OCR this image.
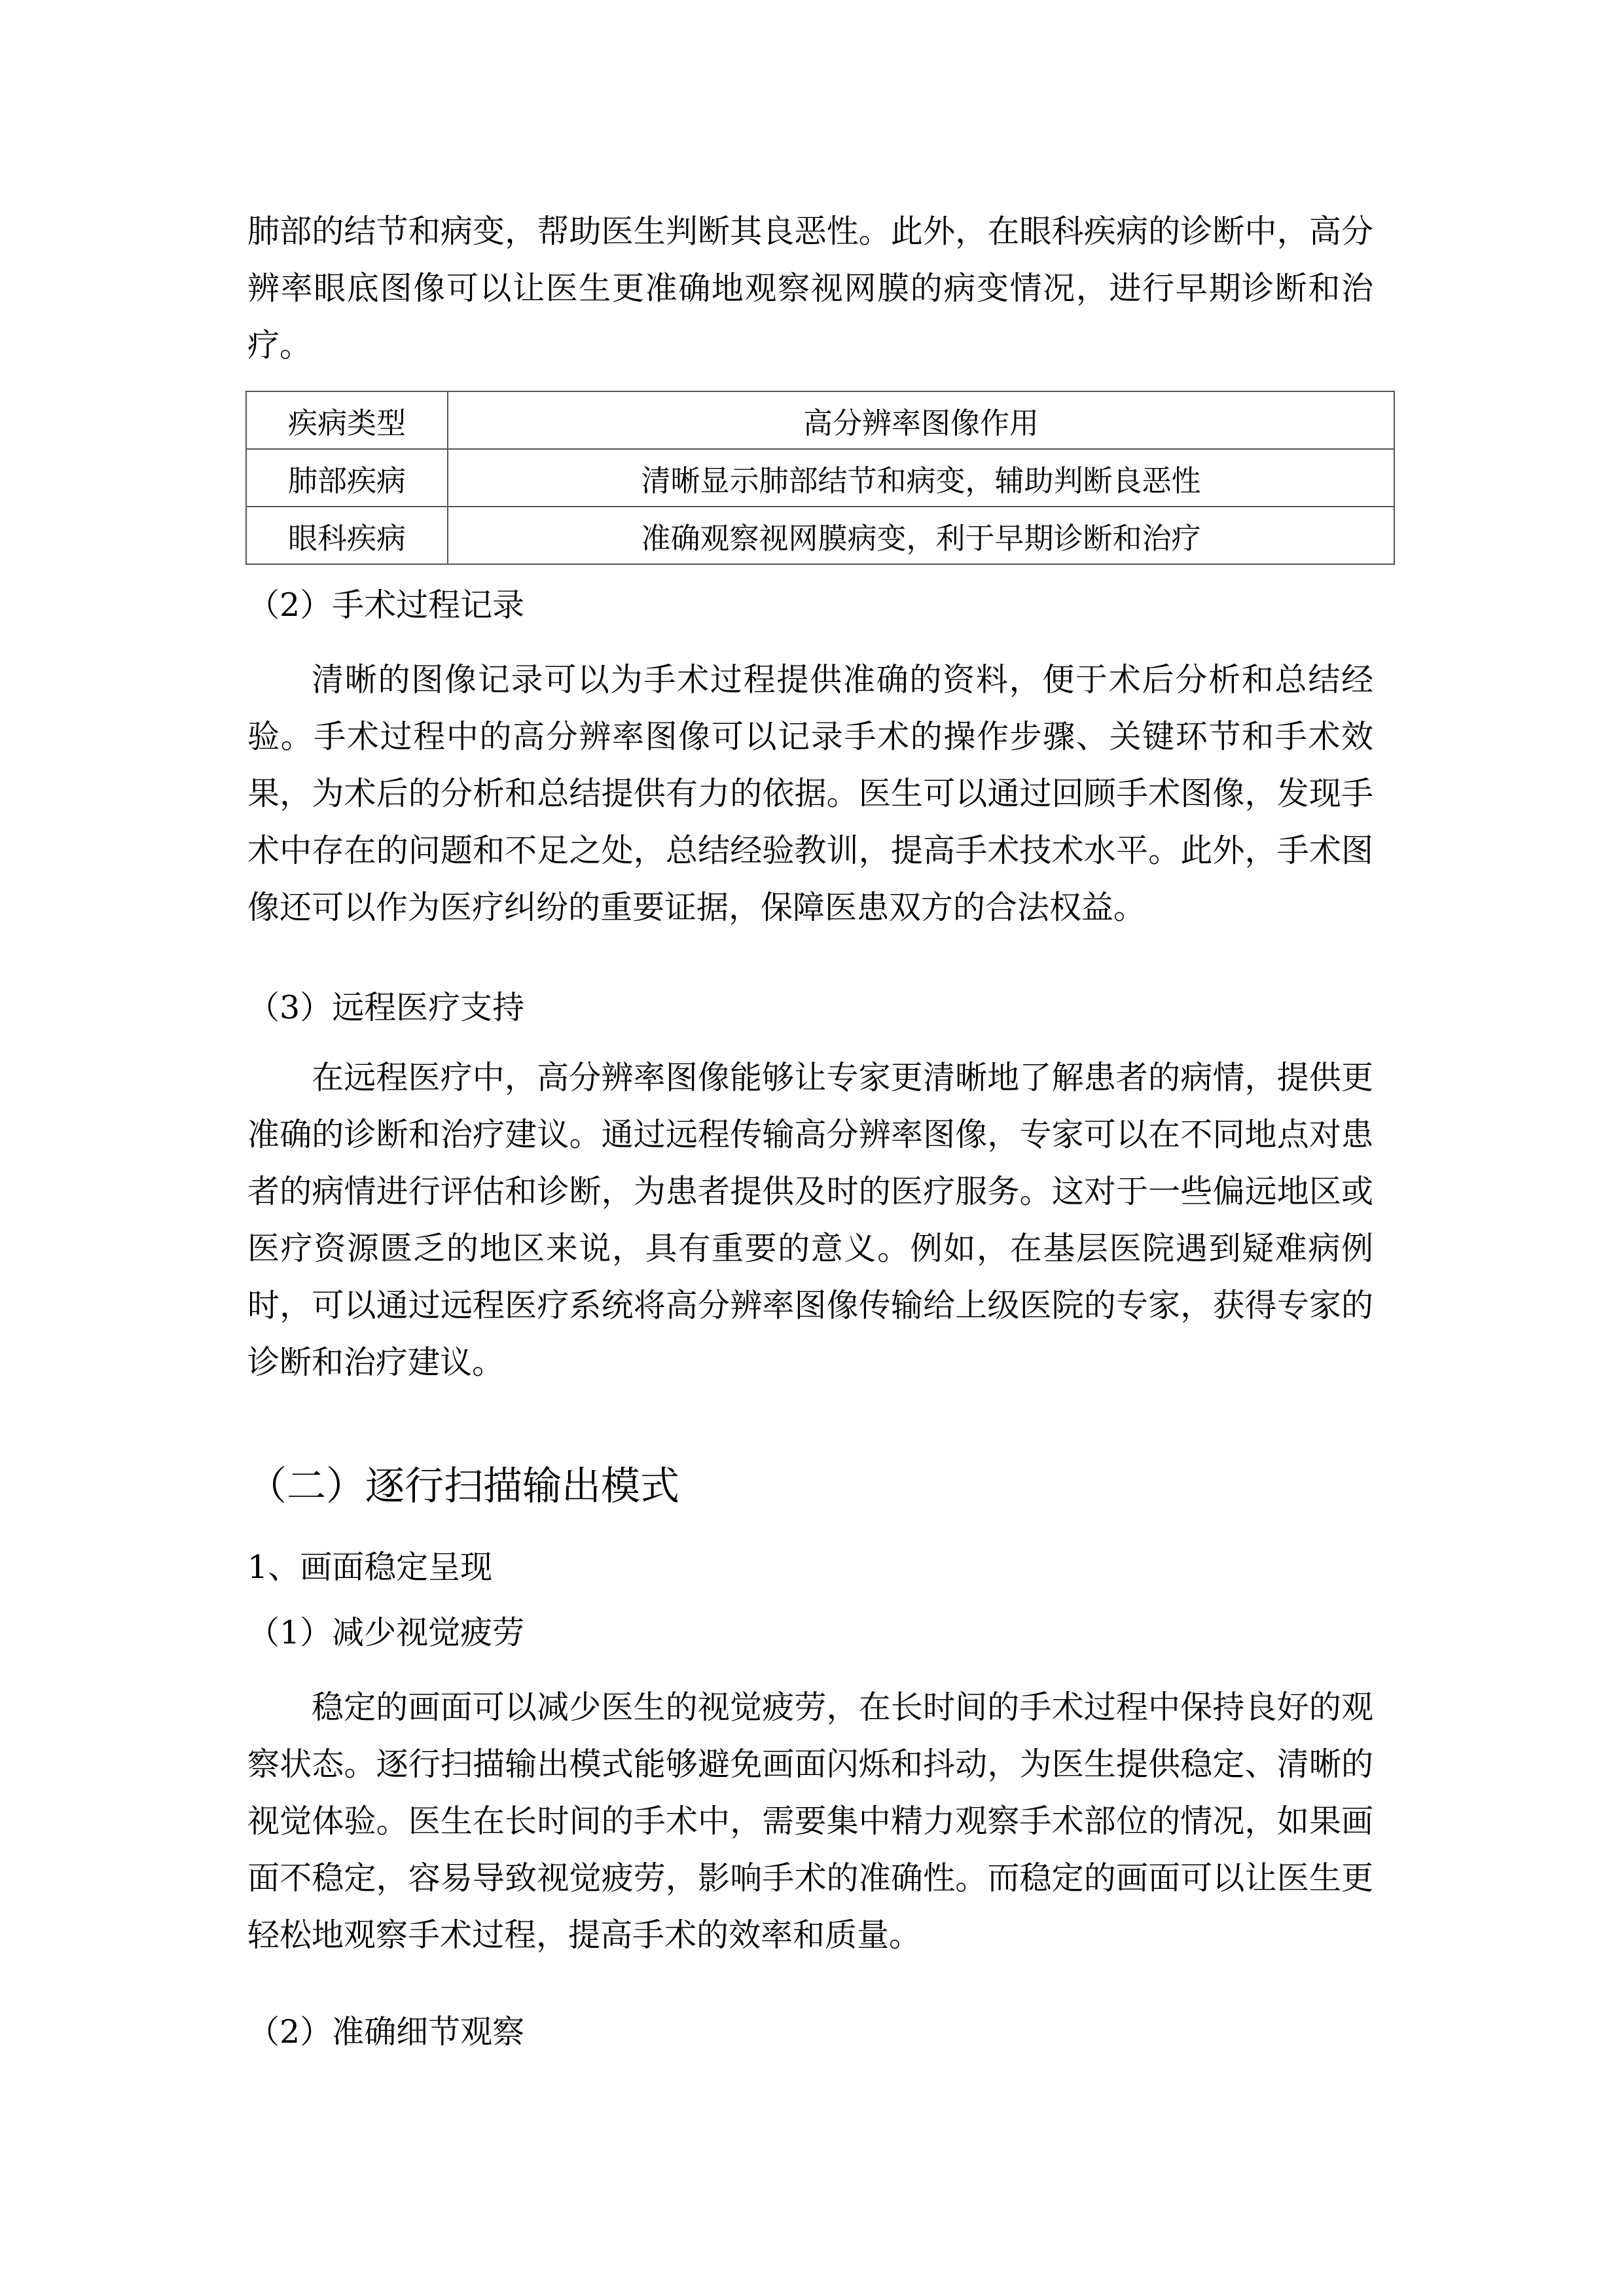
肺部的结节和病变，帮助医生判断其良恶性。此外，在眼科疾病的诊断中，高分辨率眼底图像可以让医生更准确地观察视网膜的病变情况，进行早期诊断和治疗。

疾病类型	高分辨率图像作用
肺部疾病	清晰显示肺部结节和病变，辅助判断良恶性
眼科疾病	准确观察视网膜病变，利于早期诊断和治疗

（2）手术过程记录

清晰的图像记录可以为手术过程提供准确的资料，便于术后分析和总结经验。手术过程中的高分辨率图像可以记录手术的操作步骤、关键环节和手术效果，为术后的分析和总结提供有力的依据。医生可以通过回顾手术图像，发现手术中存在的问题和不足之处，总结经验教训，提高手术技术水平。此外，手术图像还可以作为医疗纠纷的重要证据，保障医患双方的合法权益。

（3）远程医疗支持

在远程医疗中，高分辨率图像能够让专家更清晰地了解患者的病情，提供更准确的诊断和治疗建议。通过远程传输高分辨率图像，专家可以在不同地点对患者的病情进行评估和诊断，为患者提供及时的医疗服务。这对于一些偏远地区或医疗资源匮乏的地区来说，具有重要的意义。例如，在基层医院遇到疑难病例时，可以通过远程医疗系统将高分辨率图像传输给上级医院的专家，获得专家的诊断和治疗建议。

（二）逐行扫描输出模式

1、画面稳定呈现

（1）减少视觉疲劳

稳定的画面可以减少医生的视觉疲劳，在长时间的手术过程中保持良好的观察状态。逐行扫描输出模式能够避免画面闪烁和抖动，为医生提供稳定、清晰的视觉体验。医生在长时间的手术中，需要集中精力观察手术部位的情况，如果画面不稳定，容易导致视觉疲劳，影响手术的准确性。而稳定的画面可以让医生更轻松地观察手术过程，提高手术的效率和质量。

（2）准确细节观察
